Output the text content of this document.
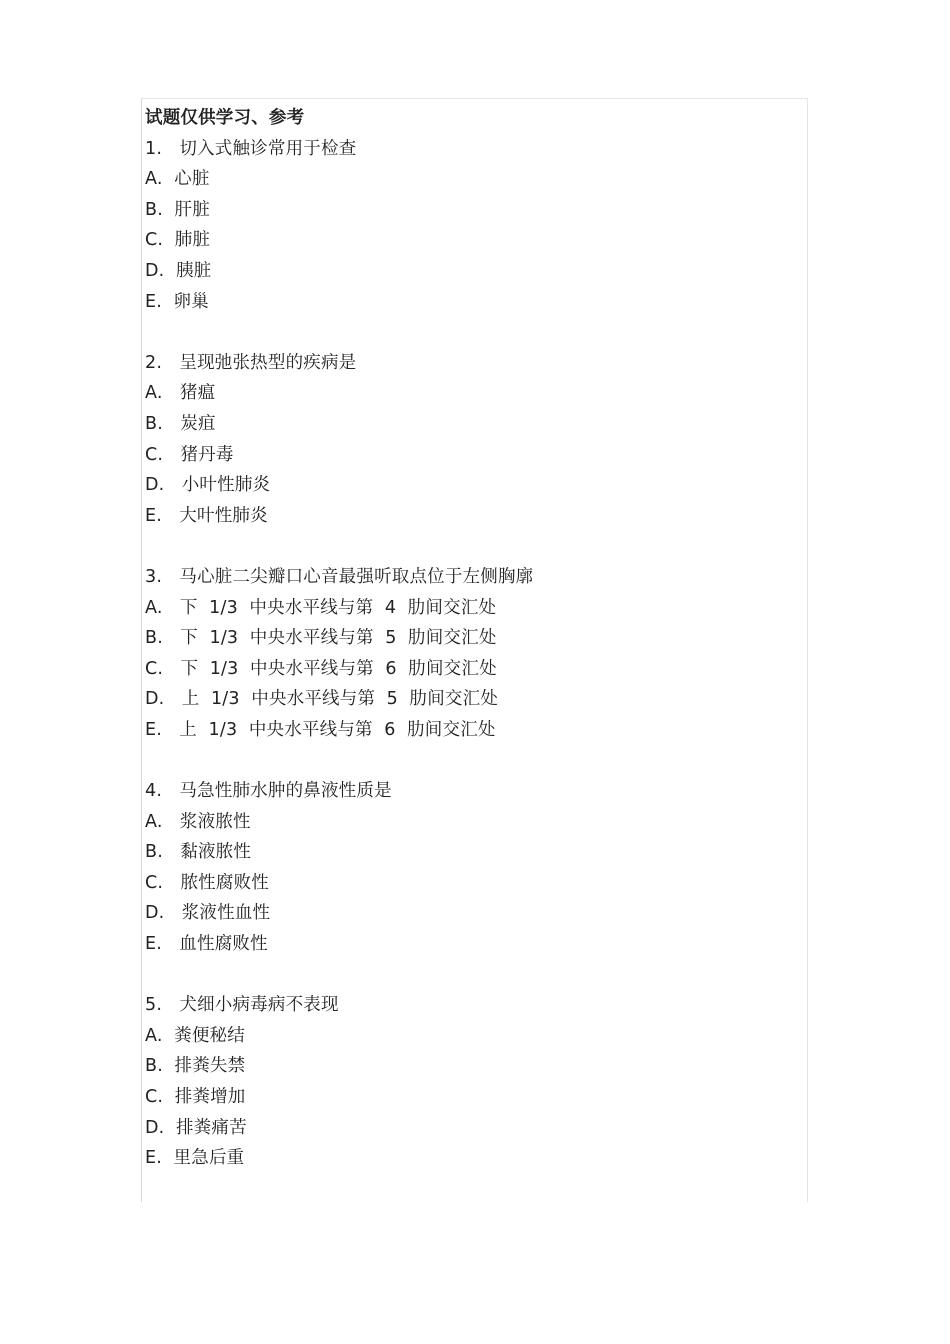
试题仅供学习、参考
1.   切入式触诊常用于检查
A.  心脏
B.  肝脏
C.  肺脏
D.  胰脏
E.  卵巢
2.   呈现弛张热型的疾病是
A.   猪瘟
B.   炭疽
C.   猪丹毒
D.   小叶性肺炎
E.   大叶性肺炎
3.   马心脏二尖瓣口心音最强听取点位于左侧胸廓
A.   下  1/3  中央水平线与第  4  肋间交汇处
B.   下  1/3  中央水平线与第  5  肋间交汇处
C.   下  1/3  中央水平线与第  6  肋间交汇处
D.   上  1/3  中央水平线与第  5  肋间交汇处
E.   上  1/3  中央水平线与第  6  肋间交汇处
4.   马急性肺水肿的鼻液性质是
A.   浆液脓性
B.   黏液脓性
C.   脓性腐败性
D.   浆液性血性
E.   血性腐败性
5.   犬细小病毒病不表现
A.  粪便秘结
B.  排粪失禁
C.  排粪增加
D.  排粪痛苦
E.  里急后重
